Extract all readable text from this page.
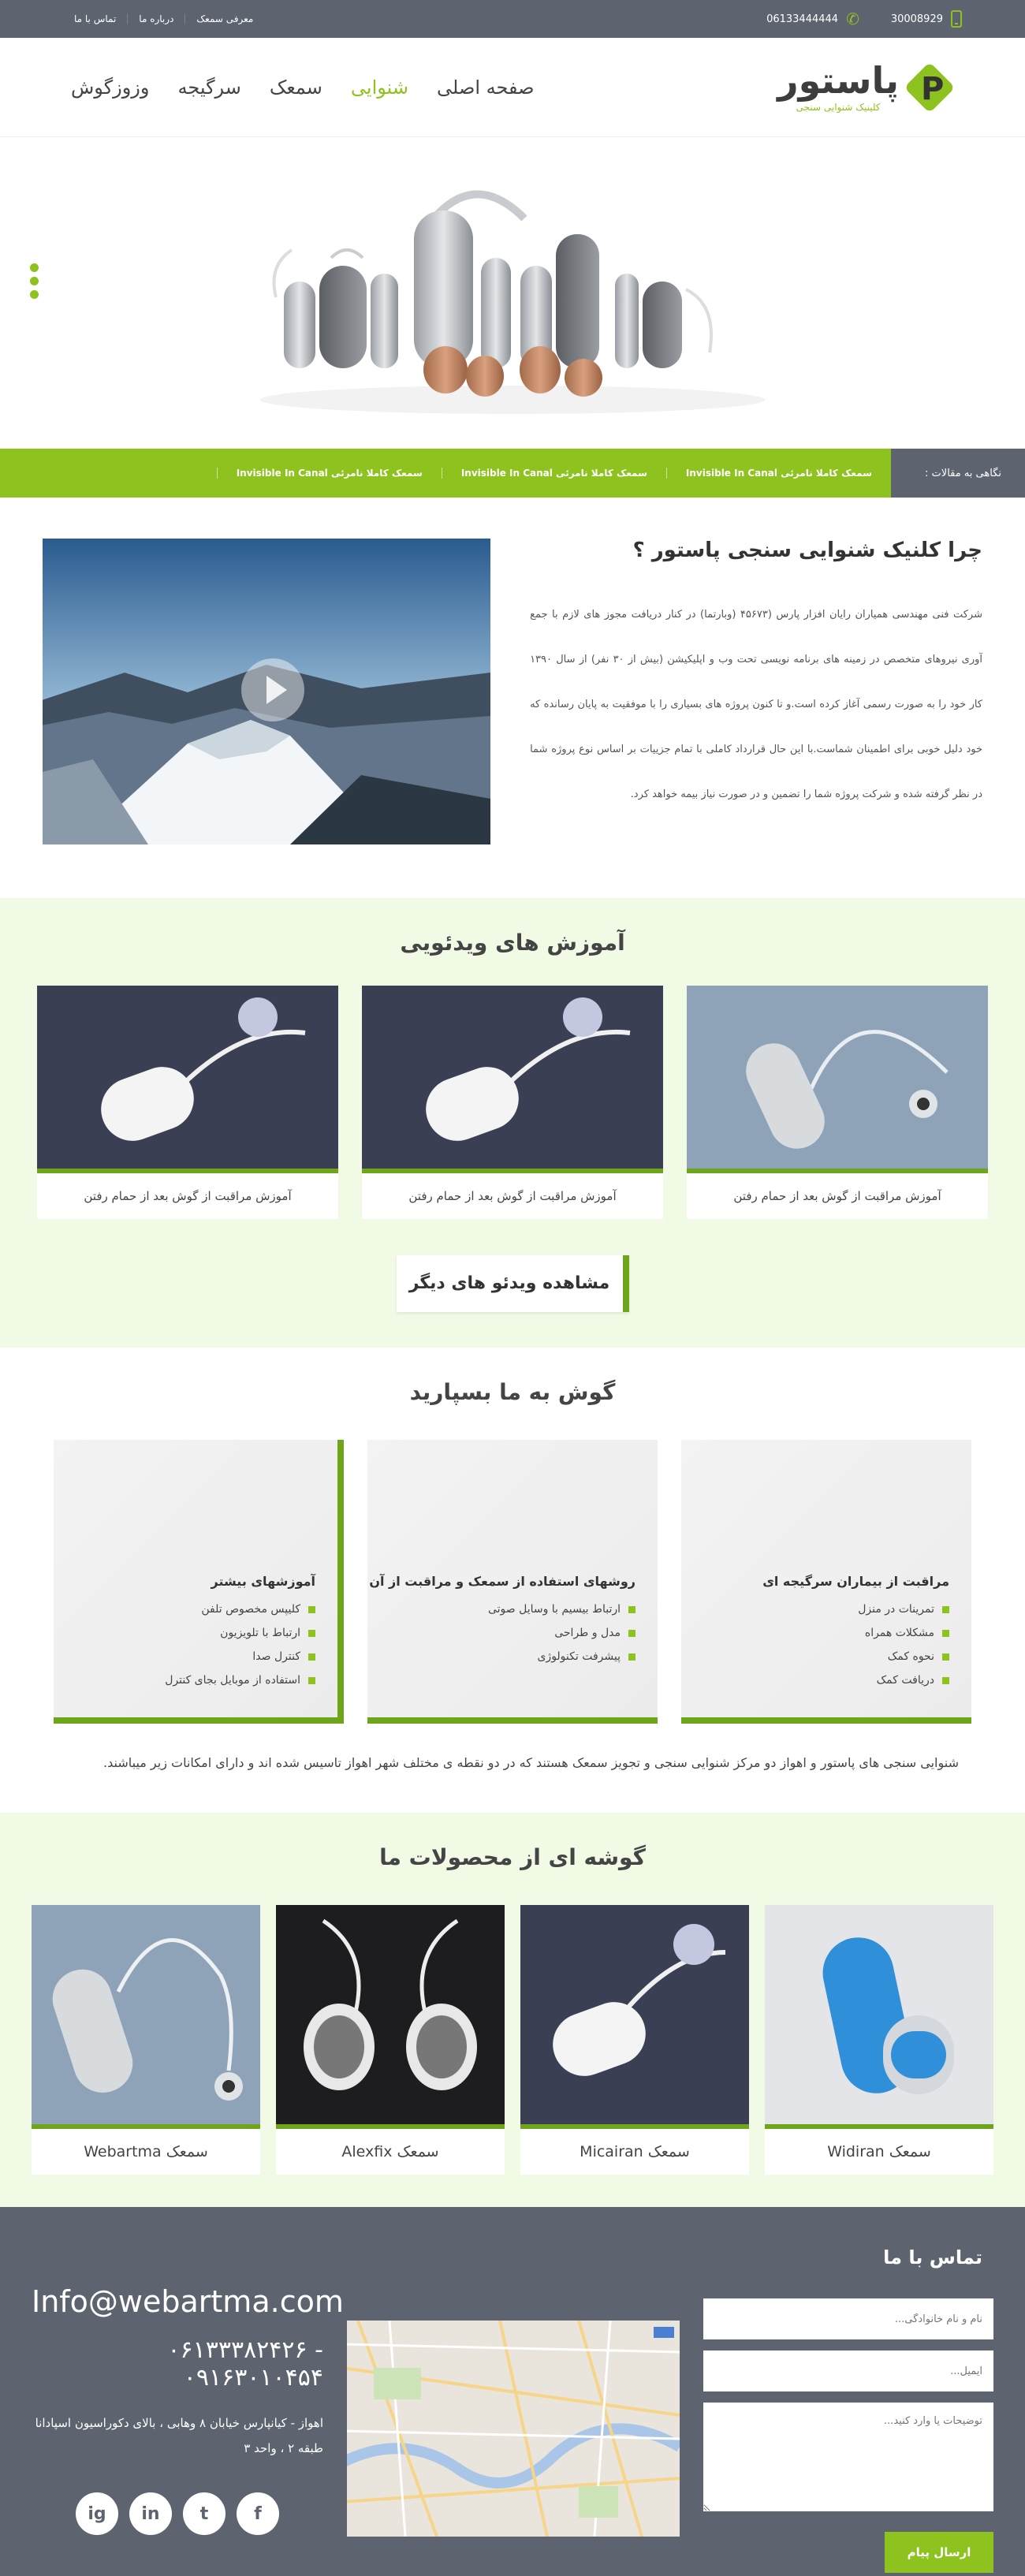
30008929
✆
06133444444
معرفی سمعک
درباره ما
تماس با ما
P
پاستور
کلینیک شنوایی سنجی
صفحه اصلی
شنوایی
سمعک
سرگیجه
وزوزگوش
نگاهی به مقالات :
سمعک کاملا نامرئی Invisible In Canal
سمعک کاملا نامرئی Invisible In Canal
سمعک کاملا نامرئی Invisible In Canal
چرا کلنیک شنوایی سنجی پاستور ؟

شرکت فنی مهندسی همیاران رایان افزار پارس (۴۵۶۷۳ (وبارتما) در کنار دریافت مجوز های لازم با جمع آوری نیروهای متخصص در زمینه های برنامه نویسی تحت وب و اپلیکیشن (بیش از ۳۰ نفر) از سال ۱۳۹۰ کار خود را به صورت رسمی آغاز کرده است.و تا کنون پروژه های بسیاری را با موفقیت به پایان رسانده که خود دلیل خوبی برای اطمینان شماست.با این حال قرارداد کاملی با تمام جزییات بر اساس نوع پروژه شما در نظر گرفته شده و شرکت پروژه شما را تضمین و در صورت نیاز بیمه خواهد کرد.

آموزش های ویدئویی
آموزش مراقبت از گوش بعد از حمام رفتن
آموزش مراقبت از گوش بعد از حمام رفتن
آموزش مراقبت از گوش بعد از حمام رفتن
مشاهده ویدئو های دیگر
گوش به ما بسپارید
مراقبت از بیماران سرگیجه ای
تمرینات در منزل
مشکلات همراه
نحوه کمک
دریافت کمک
روشهای استفاده از سمعک و مراقبت از آن
ارتباط بیسیم با وسایل صوتی
مدل و طراحی
پیشرفت تکنولوژی
آموزشهای بیشتر
کلیپس مخصوص تلفن
ارتباط با تلویزیون
کنترل صدا
استفاده از موبایل بجای کنترل

شنوایی سنجی های پاستور و اهواز دو مرکز شنوایی سنجی و تجویز سمعک هستند که در دو نقطه ی مختلف شهر اهواز تاسیس شده اند و دارای امکانات زیر میباشند.

گوشه ای از محصولات ما
سمعک Widiran
سمعک Micairan
سمعک Alexfix
سمعک Webartma
تماس با ما
نام و نام خانوادگی...
ایمیل...
توضیحات یا وارد کنید... ارسال پیام
Info@webartma.com
۰۶۱۳۳۳۸۲۴۲۶ - ۰۹۱۶۳۰۱۰۴۵۴
اهواز - کیانپارس خیابان ۸ وهابی ، بالای دکوراسیون اسپادانا
طبقه ۲ ، واحد ۳
ig	in	t	f
